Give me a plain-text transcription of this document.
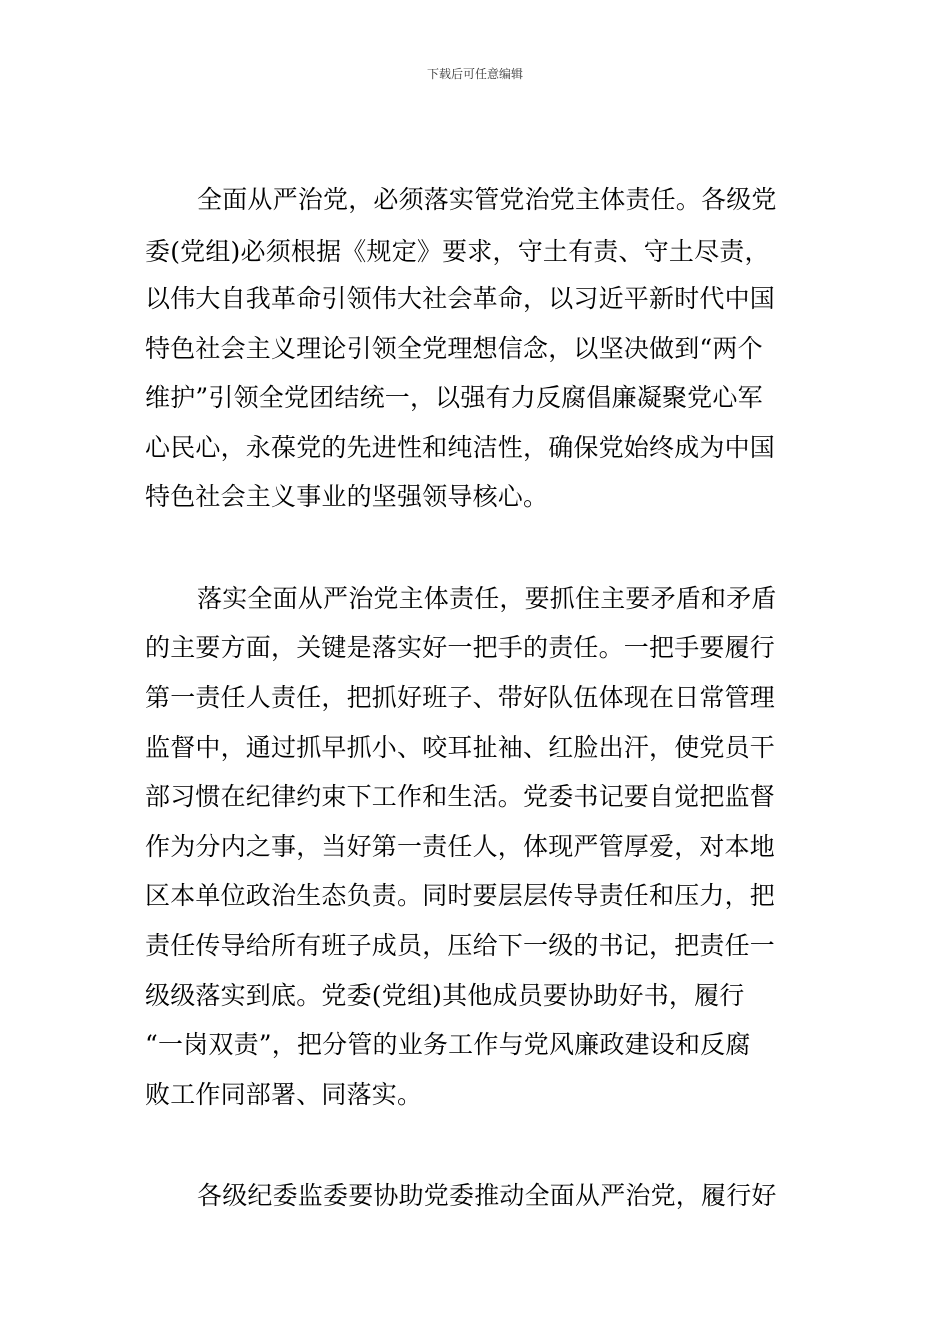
下载后可任意编辑

全面从严治党，必须落实管党治党主体责任。各级党

委(党组)必须根据《规定》要求，守土有责、守土尽责，

以伟大自我革命引领伟大社会革命，以习近平新时代中国

特色社会主义理论引领全党理想信念，以坚决做到“两个

维护”引领全党团结统一，以强有力反腐倡廉凝聚党心军

心民心，永葆党的先进性和纯洁性，确保党始终成为中国

特色社会主义事业的坚强领导核心。

落实全面从严治党主体责任，要抓住主要矛盾和矛盾

的主要方面，关键是落实好一把手的责任。一把手要履行

第一责任人责任，把抓好班子、带好队伍体现在日常管理

监督中，通过抓早抓小、咬耳扯袖、红脸出汗，使党员干

部习惯在纪律约束下工作和生活。党委书记要自觉把监督

作为分内之事，当好第一责任人，体现严管厚爱，对本地

区本单位政治生态负责。同时要层层传导责任和压力，把

责任传导给所有班子成员，压给下一级的书记，把责任一

级级落实到底。党委(党组)其他成员要协助好书，履行

“一岗双责”，把分管的业务工作与党风廉政建设和反腐

败工作同部署、同落实。

各级纪委监委要协助党委推动全面从严治党，履行好
